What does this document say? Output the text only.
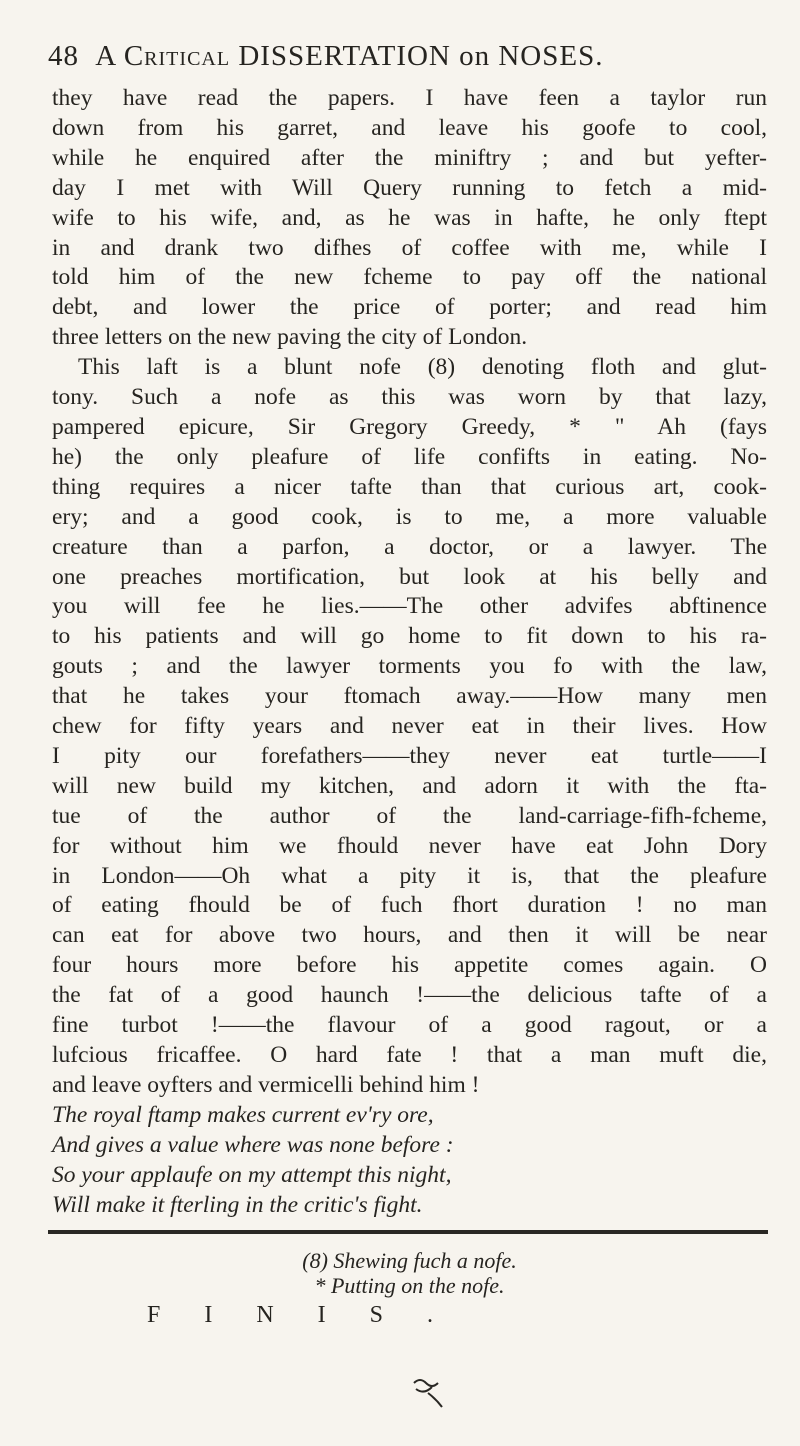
48 A Critical DISSERTATION on NOSES.
they have read the papers. I have feen a taylor run
down from his garret, and leave his goofe to cool,
while he enquired after the miniftry ; and but yefter-
day I met with Will Query running to fetch a mid-
wife to his wife, and, as he was in hafte, he only ftept
in and drank two difhes of coffee with me, while I
told him of the new fcheme to pay off the national
debt, and lower the price of porter; and read him
three letters on the new paving the city of London.
This laft is a blunt nofe (8) denoting floth and glut-
tony. Such a nofe as this was worn by that lazy,
pampered epicure, Sir Gregory Greedy, * " Ah (fays
he) the only pleafure of life confifts in eating. No-
thing requires a nicer tafte than that curious art, cook-
ery; and a good cook, is to me, a more valuable
creature than a parfon, a doctor, or a lawyer. The
one preaches mortification, but look at his belly and
you will fee he lies.——The other advifes abftinence
to his patients and will go home to fit down to his ra-
gouts ; and the lawyer torments you fo with the law,
that he takes your ftomach away.——How many men
chew for fifty years and never eat in their lives. How
I pity our forefathers——they never eat turtle——I
will new build my kitchen, and adorn it with the fta-
tue of the author of the land-carriage-fifh-fcheme,
for without him we fhould never have eat John Dory
in London——Oh what a pity it is, that the pleafure
of eating fhould be of fuch fhort duration ! no man
can eat for above two hours, and then it will be near
four hours more before his appetite comes again. O
the fat of a good haunch !——the delicious tafte of a
fine turbot !——the flavour of a good ragout, or a
lufcious fricaffee. O hard fate ! that a man muft die,
and leave oyfters and vermicelli behind him !
The royal ftamp makes current ev'ry ore,
And gives a value where was none before :
So your applaufe on my attempt this night,
Will make it fterling in the critic's fight.
(8) Shewing fuch a nofe.
* Putting on the nofe.
FINIS.
